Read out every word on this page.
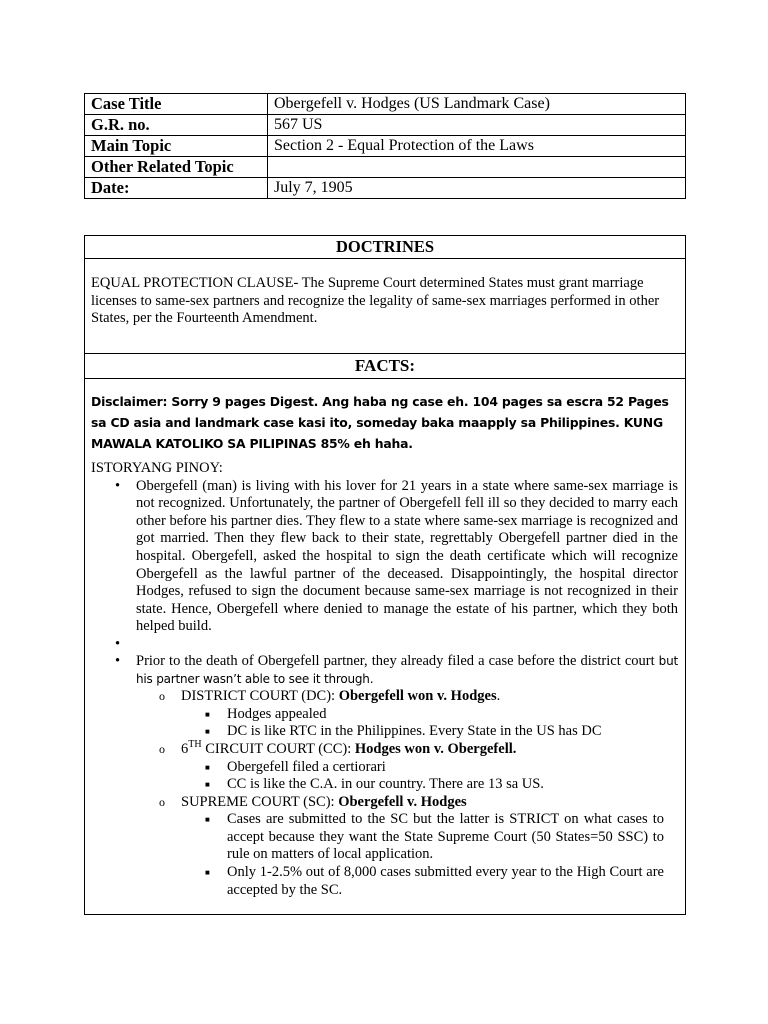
Case Title	Obergefell v. Hodges (US Landmark Case)
G.R. no.	567 US
Main Topic	Section 2 - Equal Protection of the Laws
Other Related Topic	
Date:	July 7, 1905
DOCTRINES
EQUAL PROTECTION CLAUSE- The Supreme Court determined States must grant marriage licenses to same-sex partners and recognize the legality of same-sex marriages performed in other States, per the Fourteenth Amendment.
FACTS:
Disclaimer: Sorry 9 pages Digest. Ang haba ng case eh. 104 pages sa escra 52 Pages sa CD asia and landmark case kasi ito, someday baka maapply sa Philippines. KUNG MAWALA KATOLIKO SA PILIPINAS 85% eh haha.
ISTORYANG PINOY:
• Obergefell (man) is living with his lover for 21 years in a state where same-sex marriage is not recognized. Unfortunately, the partner of Obergefell fell ill so they decided to marry each other before his partner dies. They flew to a state where same-sex marriage is recognized and got married. Then they flew back to their state, regrettably Obergefell partner died in the hospital. Obergefell, asked the hospital to sign the death certificate which will recognize Obergefell as the lawful partner of the deceased. Disappointingly, the hospital director Hodges, refused to sign the document because same-sex marriage is not recognized in their state. Hence, Obergefell where denied to manage the estate of his partner, which they both helped build.
•
• Prior to the death of Obergefell partner, they already filed a case before the district court but his partner wasn’t able to see it through.
o DISTRICT COURT (DC): Obergefell won v. Hodges.
■ Hodges appealed
■ DC is like RTC in the Philippines. Every State in the US has DC
o 6TH CIRCUIT COURT (CC): Hodges won v. Obergefell.
■ Obergefell filed a certiorari
■ CC is like the C.A. in our country. There are 13 sa US.
o SUPREME COURT (SC): Obergefell v. Hodges
■ Cases are submitted to the SC but the latter is STRICT on what cases to accept because they want the State Supreme Court (50 States=50 SSC) to rule on matters of local application.
■ Only 1-2.5% out of 8,000 cases submitted every year to the High Court are accepted by the SC.
